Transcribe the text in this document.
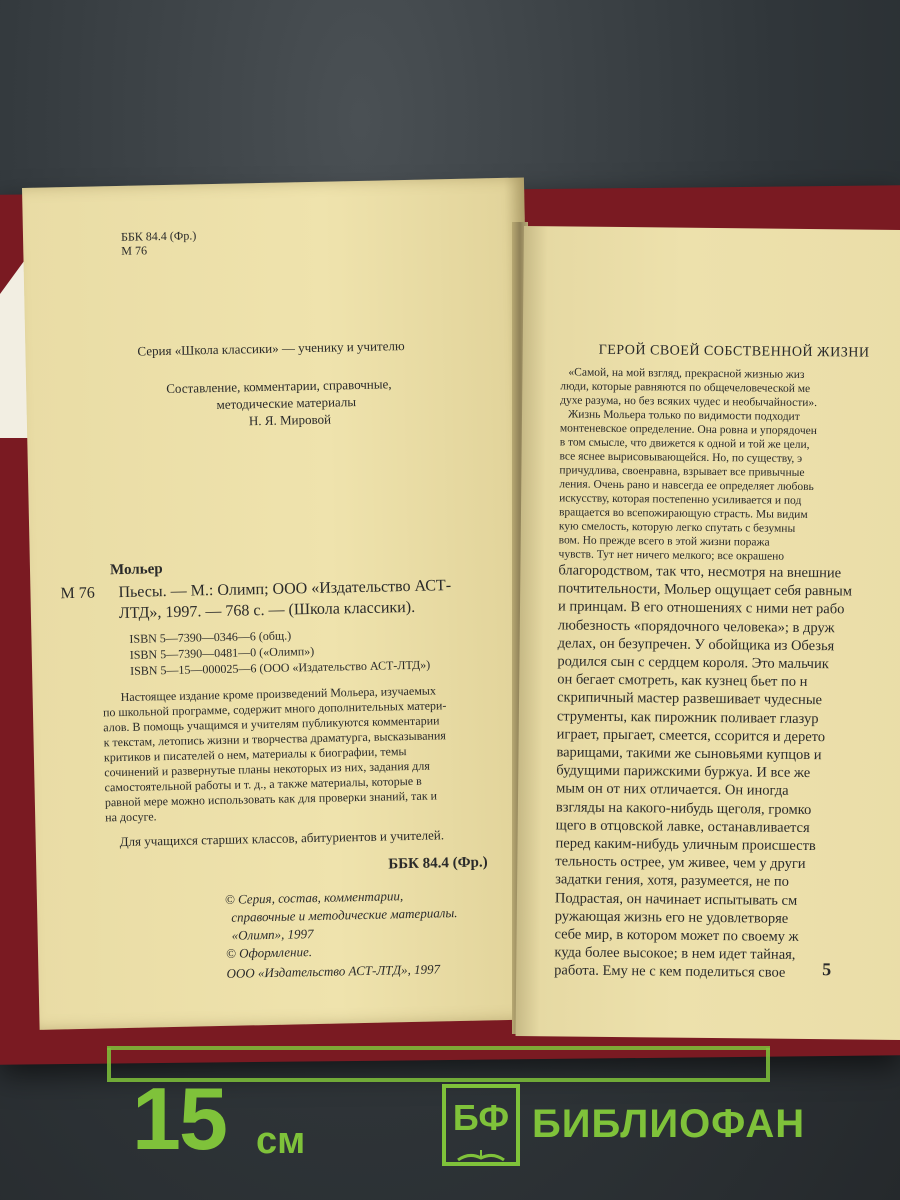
ББК 84.4 (Фр.)
М 76
Серия «Школа классики» — ученику и учителю
Составление, комментарии, справочные,
методические материалы
Н. Я. Мировой
Мольер
М 76 Пьесы. — М.: Олимп; ООО «Издательство АСТ-
ЛТД», 1997. — 768 с. — (Школа классики).
ISBN 5—7390—0346—6 (общ.)
ISBN 5—7390—0481—0 («Олимп»)
ISBN 5—15—000025—6 (ООО «Издательство АСТ-ЛТД»)
Настоящее издание кроме произведений Мольера, изучаемых
по школьной программе, содержит много дополнительных матери-
алов. В помощь учащимся и учителям публикуются комментарии
к текстам, летопись жизни и творчества драматурга, высказывания
критиков и писателей о нем, материалы к биографии, темы
сочинений и развернутые планы некоторых из них, задания для
самостоятельной работы и т. д., а также материалы, которые в
равной мере можно использовать как для проверки знаний, так и
на досуге.
Для учащихся старших классов, абитуриентов и учителей.
ББК 84.4 (Фр.)
© Серия, состав, комментарии,
справочные и методические материалы.
«Олимп», 1997
© Оформление.
ООО «Издательство АСТ-ЛТД», 1997
ГЕРОЙ СВОЕЙ СОБСТВЕННОЙ ЖИЗНИ
«Самой, на мой взгляд, прекрасной жизнью жиз
люди, которые равняются по общечеловеческой ме
духе разума, но без всяких чудес и необычайности».
Жизнь Мольера только по видимости подходит
монтеневское определение. Она ровна и упорядочен
в том смысле, что движется к одной и той же цели,
все яснее вырисовывающейся. Но, по существу, э
причудлива, своенравна, взрывает все привычные
ления. Очень рано и навсегда ее определяет любовь
искусству, которая постепенно усиливается и под
вращается во всепожирающую страсть. Мы видим
кую смелость, которую легко спутать с безумны
вом. Но прежде всего в этой жизни поража
чувств. Тут нет ничего мелкого; все окрашено
благородством, так что, несмотря на внешние
почтительности, Мольер ощущает себя равным
и принцам. В его отношениях с ними нет рабо
любезность «порядочного человека»; в друж
делах, он безупречен. У обойщика из Обезья
родился сын с сердцем короля. Это мальчик
он бегает смотреть, как кузнец бьет по н
скрипичный мастер развешивает чудесные
струменты, как пирожник поливает глазур
играет, прыгает, смеется, ссорится и дерето
варищами, такими же сыновьями купцов и
будущими парижскими буржуа. И все же
мым он от них отличается. Он иногда
взгляды на какого-нибудь щеголя, громко
щего в отцовской лавке, останавливается
перед каким-нибудь уличным происшеств
тельность острее, ум живее, чем у други
задатки гения, хотя, разумеется, не по
Подрастая, он начинает испытывать см
ружающая жизнь его не удовлетворяе
себе мир, в котором может по своему ж
куда более высокое; в нем идет тайная,
работа. Ему не с кем поделиться свое 5
15 см
БФ БИБЛИОФАН
